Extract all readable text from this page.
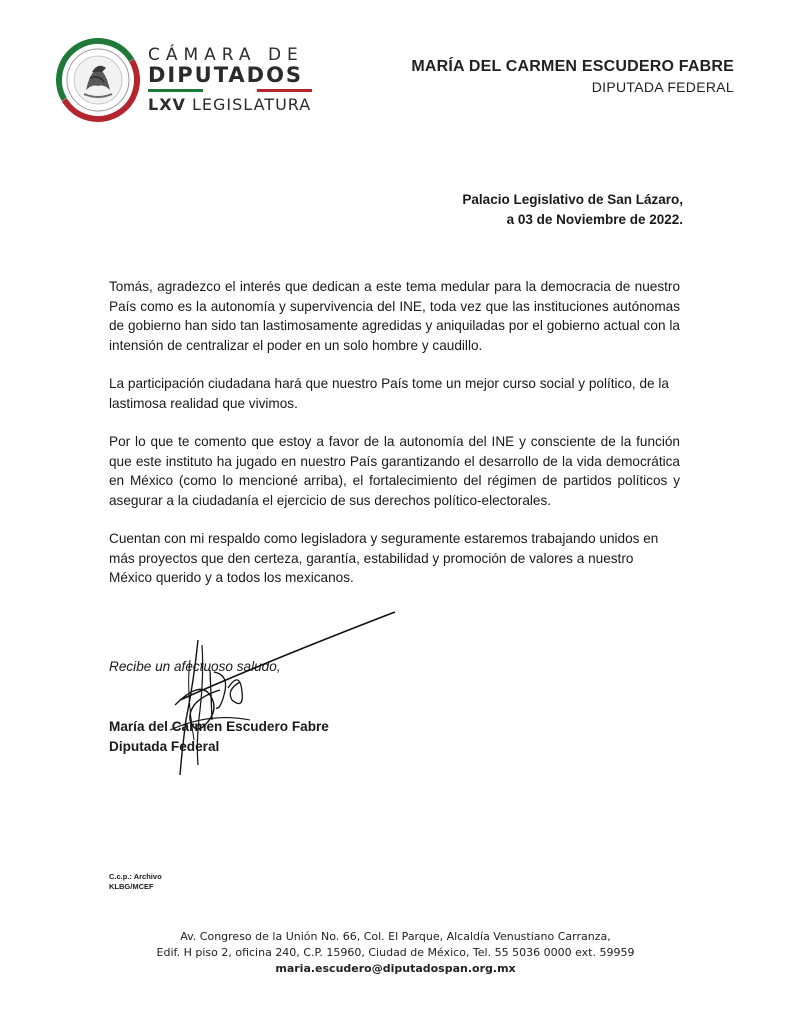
CÁMARA DE
DIPUTADOS
LXV LEGISLATURA
MARÍA DEL CARMEN ESCUDERO FABRE
DIPUTADA FEDERAL
Palacio Legislativo de San Lázaro,
a 03 de Noviembre de 2022.

Tomás, agradezco el interés que dedican a este tema medular para la democracia de nuestro País como es la autonomía y supervivencia del INE, toda vez que las instituciones autónomas de gobierno han sido tan lastimosamente agredidas y aniquiladas por el gobierno actual con la intensión de centralizar el poder en un solo hombre y caudillo.

La participación ciudadana hará que nuestro País tome un mejor curso social y político, de la lastimosa realidad que vivimos.

Por lo que te comento que estoy a favor de la autonomía del INE y consciente de la función que este instituto ha jugado en nuestro País garantizando el desarrollo de la vida democrática en México (como lo mencioné arriba), el fortalecimiento del régimen de partidos políticos y asegurar a la ciudadanía el ejercicio de sus derechos político-electorales.

Cuentan con mi respaldo como legisladora y seguramente estaremos trabajando unidos en más proyectos que den certeza, garantía, estabilidad y promoción de valores a nuestro México querido y a todos los mexicanos.

Recibe un afectuoso saludo,
María del Carmen Escudero Fabre
Diputada Federal
C.c.p.: Archivo
KLBG/MCEF
Av. Congreso de la Unión No. 66, Col. El Parque, Alcaldía Venustiano Carranza,
Edif. H piso 2, oficina 240, C.P. 15960, Ciudad de México, Tel. 55 5036 0000 ext. 59959
maria.escudero@diputadospan.org.mx
